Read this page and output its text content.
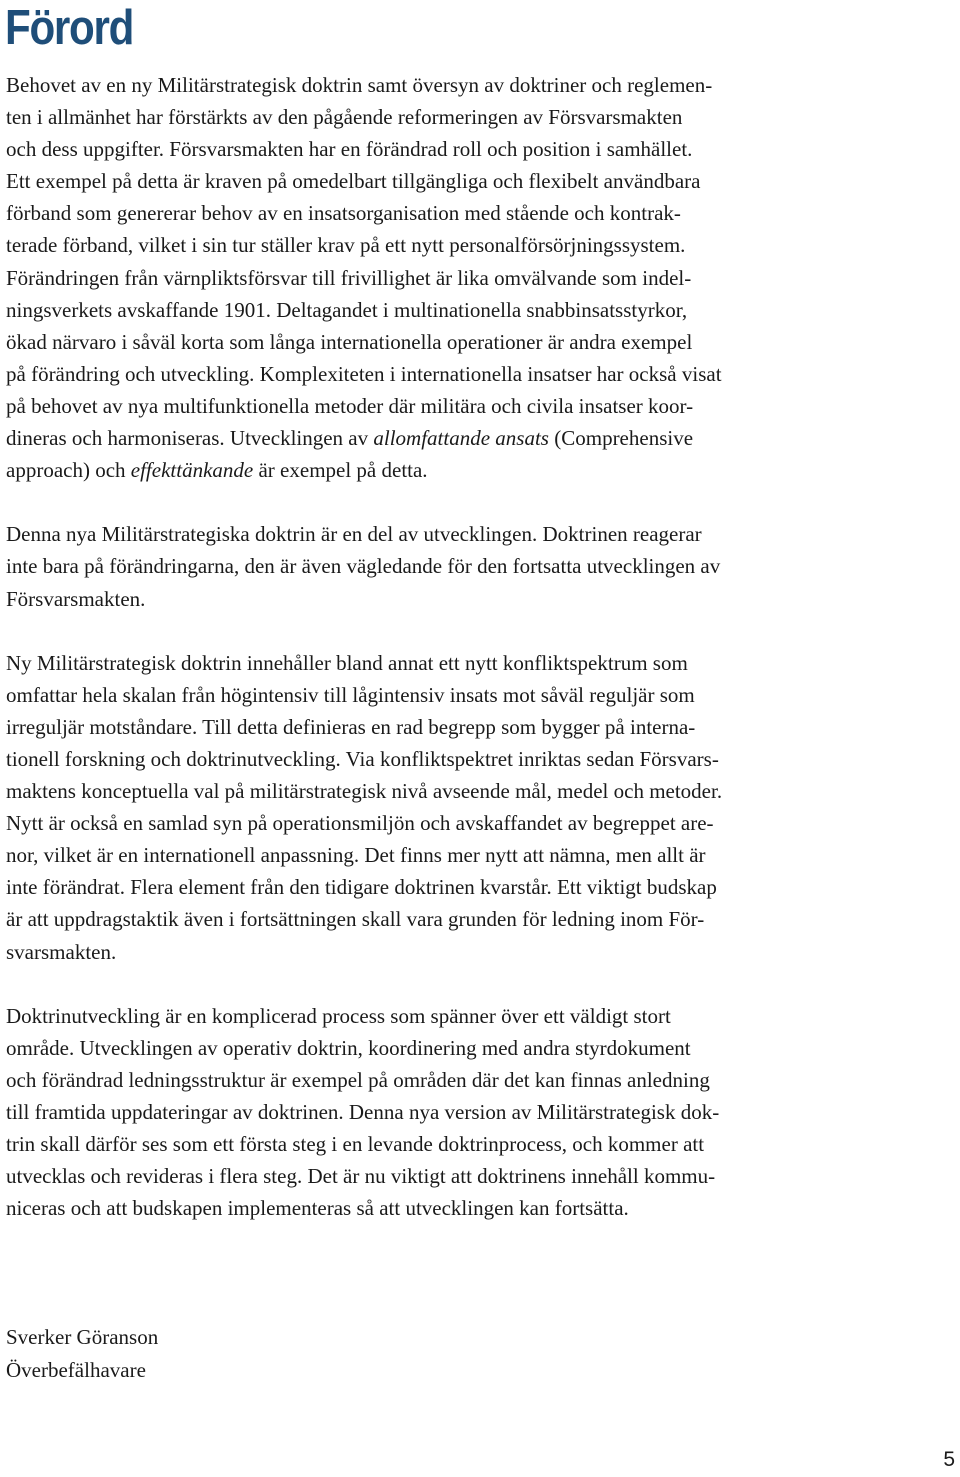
Förord

Behovet av en ny Militärstrategisk doktrin samt översyn av doktriner och reglemen-
ten i allmänhet har förstärkts av den pågående reformeringen av Försvarsmakten
och dess uppgifter. Försvarsmakten har en förändrad roll och position i samhället.
Ett exempel på detta är kraven på omedelbart tillgängliga och flexibelt användbara
förband som genererar behov av en insatsorganisation med stående och kontrak-
terade förband, vilket i sin tur ställer krav på ett nytt personalförsörjningssystem.
Förändringen från värnpliktsförsvar till frivillighet är lika omvälvande som indel-
ningsverkets avskaffande 1901. Deltagandet i multinationella snabbinsatsstyrkor,
ökad närvaro i såväl korta som långa internationella operationer är andra exempel
på förändring och utveckling. Komplexiteten i internationella insatser har också visat
på behovet av nya multifunktionella metoder där militära och civila insatser koor-
dineras och harmoniseras. Utvecklingen av allomfattande ansats (Comprehensive
approach) och effekttänkande är exempel på detta.

Denna nya Militärstrategiska doktrin är en del av utvecklingen. Doktrinen reagerar
inte bara på förändringarna, den är även vägledande för den fortsatta utvecklingen av
Försvarsmakten.

Ny Militärstrategisk doktrin innehåller bland annat ett nytt konfliktspektrum som
omfattar hela skalan från högintensiv till lågintensiv insats mot såväl reguljär som
irreguljär motståndare. Till detta definieras en rad begrepp som bygger på interna-
tionell forskning och doktrinutveckling. Via konfliktspektret inriktas sedan Försvars-
maktens konceptuella val på militärstrategisk nivå avseende mål, medel och metoder.
Nytt är också en samlad syn på operationsmiljön och avskaffandet av begreppet are-
nor, vilket är en internationell anpassning. Det finns mer nytt att nämna, men allt är
inte förändrat. Flera element från den tidigare doktrinen kvarstår. Ett viktigt budskap
är att uppdragstaktik även i fortsättningen skall vara grunden för ledning inom För-
svarsmakten.

Doktrinutveckling är en komplicerad process som spänner över ett väldigt stort
område. Utvecklingen av operativ doktrin, koordinering med andra styrdokument
och förändrad ledningsstruktur är exempel på områden där det kan finnas anledning
till framtida uppdateringar av doktrinen. Denna nya version av Militärstrategisk dok-
trin skall därför ses som ett första steg i en levande doktrinprocess, och kommer att
utvecklas och revideras i flera steg. Det är nu viktigt att doktrinens innehåll kommu-
niceras och att budskapen implementeras så att utvecklingen kan fortsätta.

Sverker Göranson
Överbefälhavare
5
